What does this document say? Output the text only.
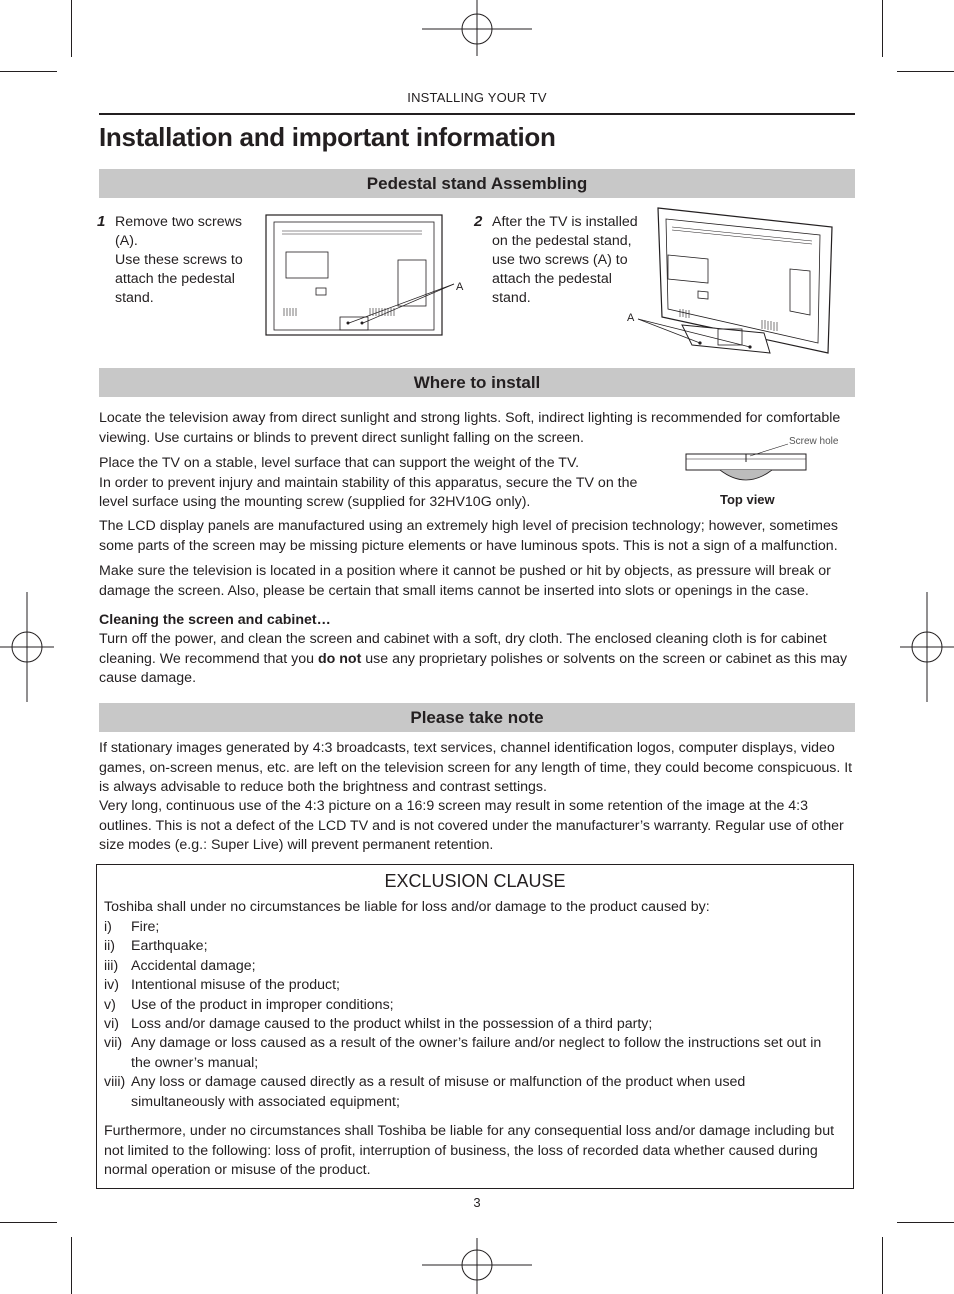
INSTALLING YOUR TV
Installation and important information
Pedestal stand Assembling
1 Remove two screws
(A).
Use these screws to
attach the pedestal
stand.
A
2 After the TV is installed
on the pedestal stand,
use two screws (A) to
attach the pedestal
stand.
A
Where to install

Locate the television away from direct sunlight and strong lights. Soft, indirect lighting is recommended for comfortable viewing. Use curtains or blinds to prevent direct sunlight falling on the screen.

Place the TV on a stable, level surface that can support the weight of the TV.
In order to prevent injury and maintain stability of this apparatus, secure the TV on the
level surface using the mounting screw (supplied for 32HV10G only).
Screw hole
Top view

The LCD display panels are manufactured using an extremely high level of precision technology; however, sometimes some parts of the screen may be missing picture elements or have luminous spots. This is not a sign of a malfunction.

Make sure the television is located in a position where it cannot be pushed or hit by objects, as pressure will break or damage the screen. Also, please be certain that small items cannot be inserted into slots or openings in the case.

Cleaning the screen and cabinet…

Turn off the power, and clean the screen and cabinet with a soft, dry cloth. The enclosed cleaning cloth is for cabinet cleaning. We recommend that you do not use any proprietary polishes or solvents on the screen or cabinet as this may cause damage.

Please take note

If stationary images generated by 4:3 broadcasts, text services, channel identification logos, computer displays, video games, on-screen menus, etc. are left on the television screen for any length of time, they could become conspicuous. It is always advisable to reduce both the brightness and contrast settings.

Very long, continuous use of the 4:3 picture on a 16:9 screen may result in some retention of the image at the 4:3 outlines. This is not a defect of the LCD TV and is not covered under the manufacturer’s warranty. Regular use of other size modes (e.g.: Super Live) will prevent permanent retention.

EXCLUSION CLAUSE
Toshiba shall under no circumstances be liable for loss and/or damage to the product caused by:
i) Fire;
ii) Earthquake;
iii) Accidental damage;
iv) Intentional misuse of the product;
v) Use of the product in improper conditions;
vi) Loss and/or damage caused to the product whilst in the possession of a third party;
vii) Any damage or loss caused as a result of the owner’s failure and/or neglect to follow the instructions set out in the owner’s manual;
viii) Any loss or damage caused directly as a result of misuse or malfunction of the product when used simultaneously with associated equipment;
Furthermore, under no circumstances shall Toshiba be liable for any consequential loss and/or damage including but not limited to the following: loss of profit, interruption of business, the loss of recorded data whether caused during normal operation or misuse of the product.
3
